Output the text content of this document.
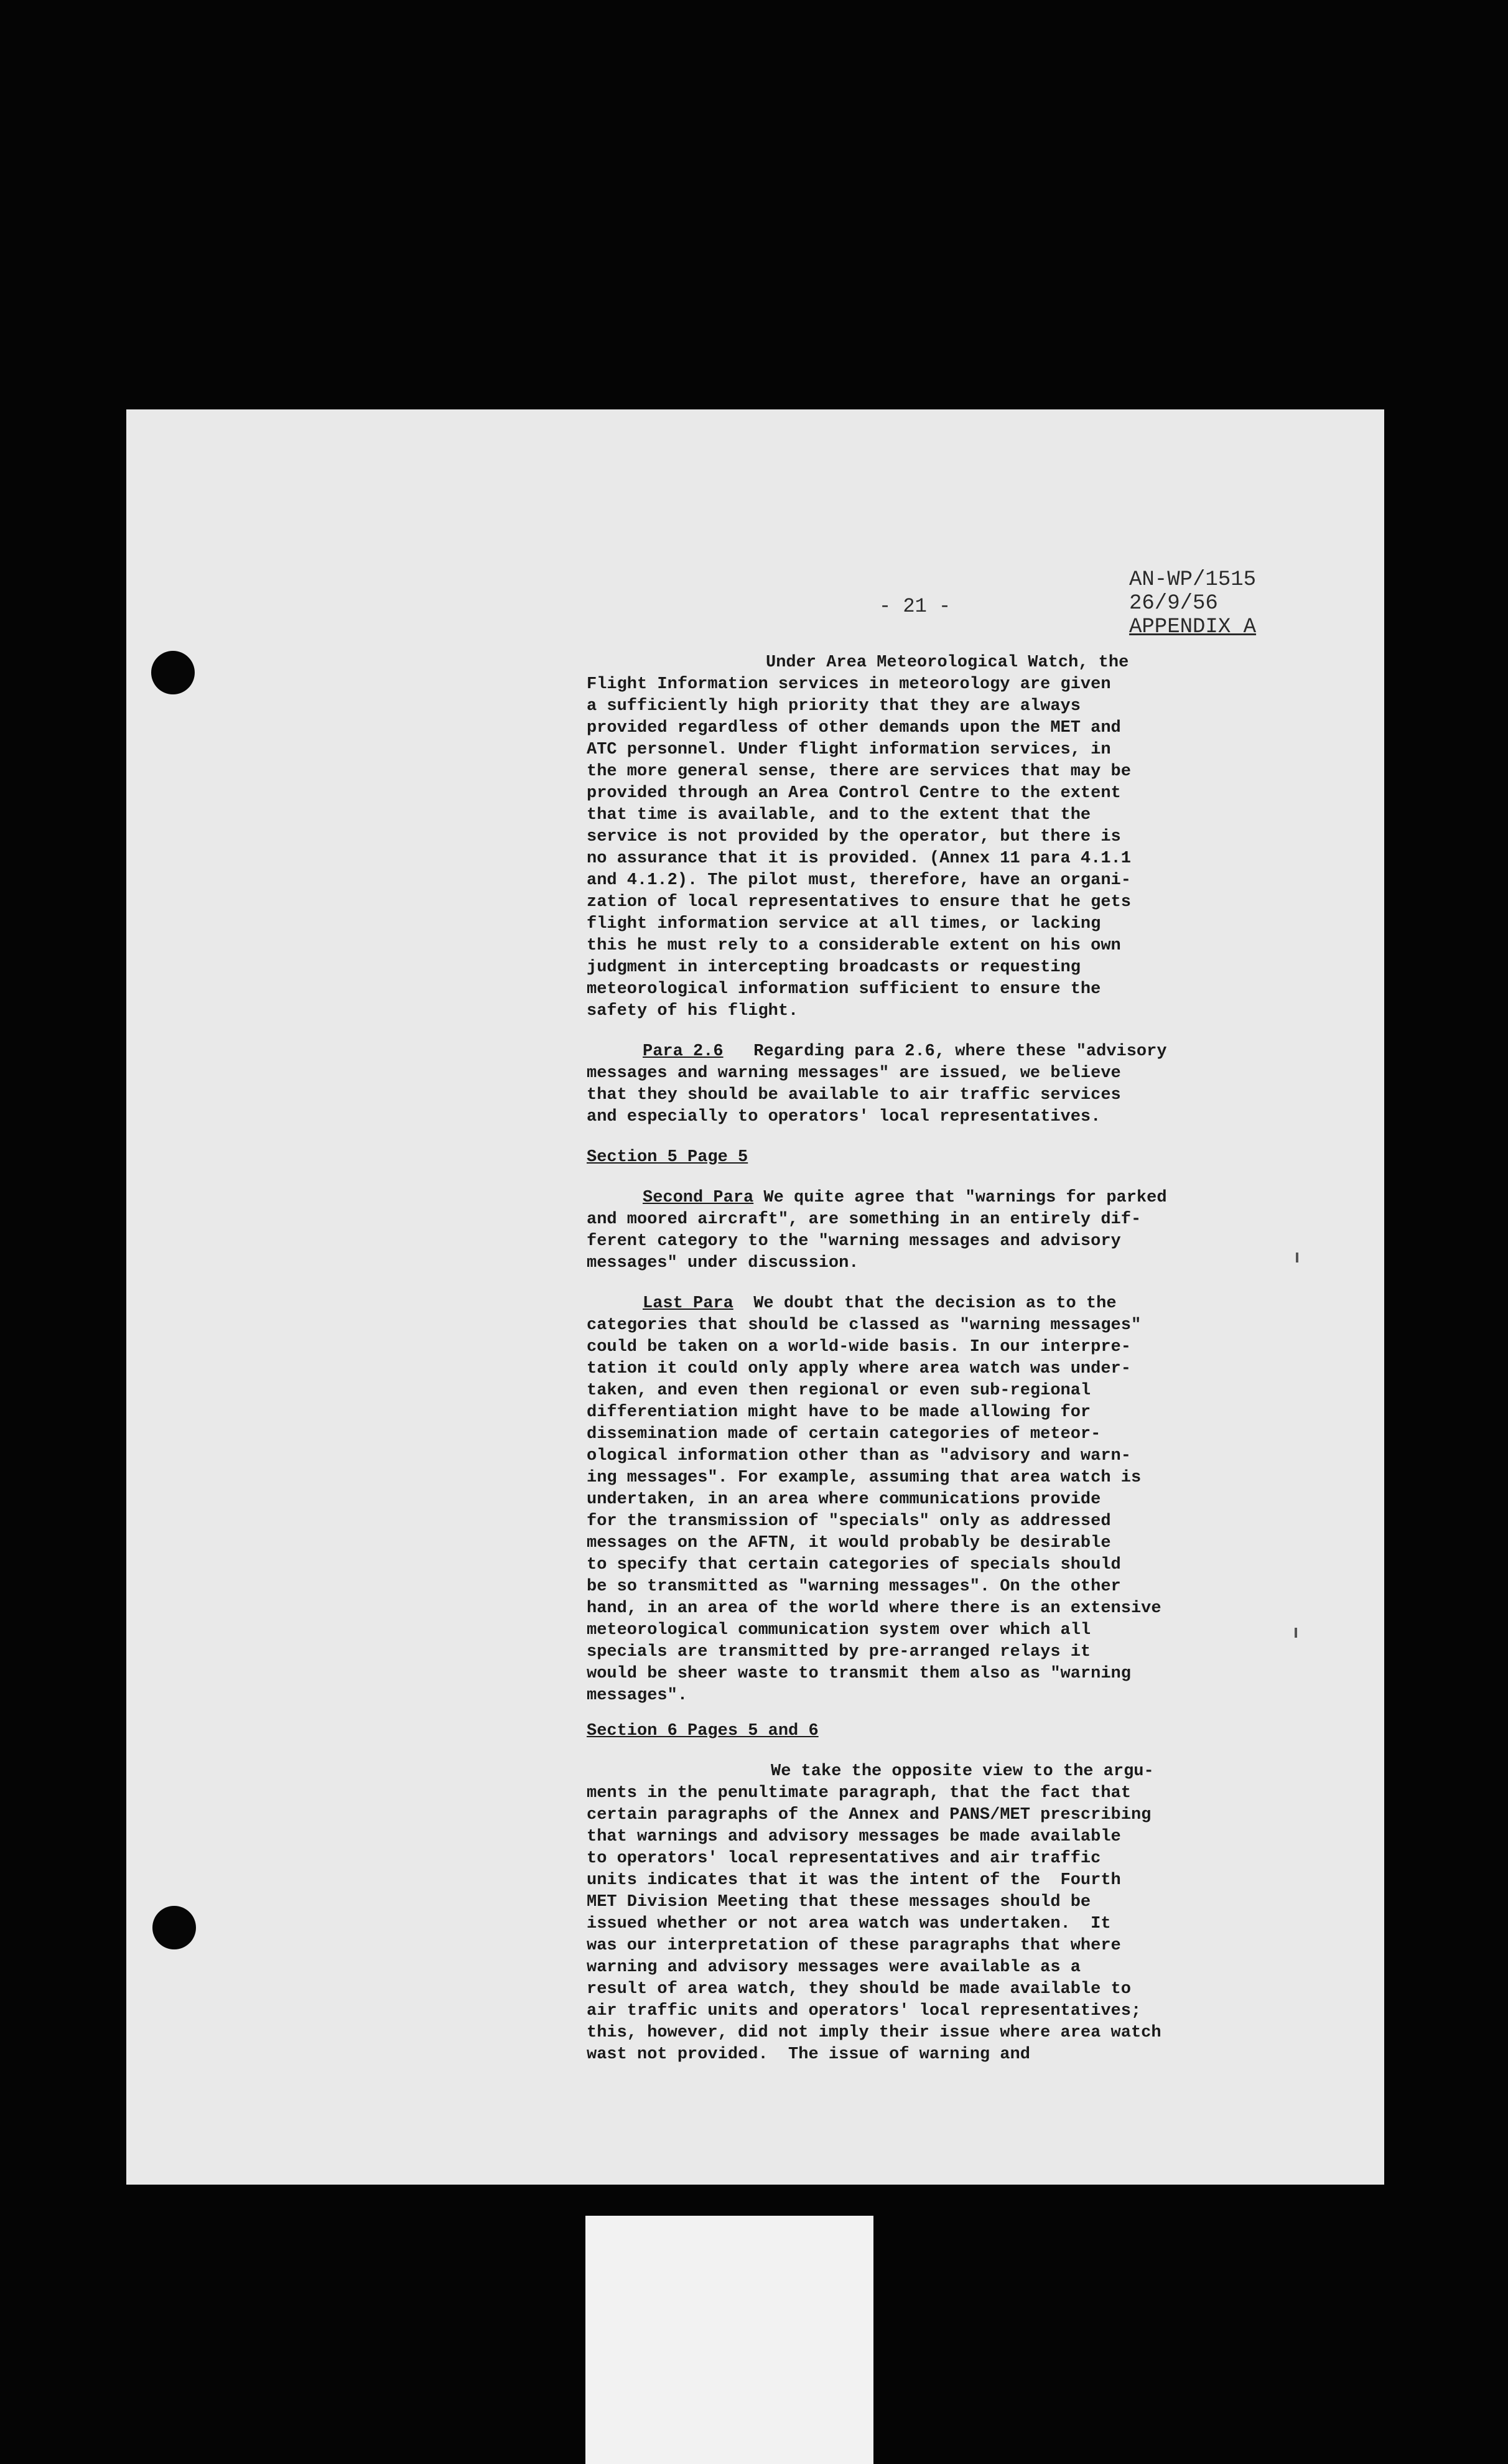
- 21 -
AN-WP/1515
26/9/56
APPENDIX A
Under Area Meteorological Watch, the
Flight Information services in meteorology are given
a sufficiently high priority that they are always
provided regardless of other demands upon the MET and
ATC personnel. Under flight information services, in
the more general sense, there are services that may be
provided through an Area Control Centre to the extent
that time is available, and to the extent that the
service is not provided by the operator, but there is
no assurance that it is provided. (Annex 11 para 4.1.1
and 4.1.2). The pilot must, therefore, have an organi-
zation of local representatives to ensure that he gets
flight information service at all times, or lacking
this he must rely to a considerable extent on his own
judgment in intercepting broadcasts or requesting
meteorological information sufficient to ensure the
safety of his flight.
Para 2.6   Regarding para 2.6, where these "advisory
messages and warning messages" are issued, we believe
that they should be available to air traffic services
and especially to operators' local representatives.
Section 5 Page 5
Second Para We quite agree that "warnings for parked
and moored aircraft", are something in an entirely dif-
ferent category to the "warning messages and advisory
messages" under discussion.
Last Para  We doubt that the decision as to the
categories that should be classed as "warning messages"
could be taken on a world-wide basis. In our interpre-
tation it could only apply where area watch was under-
taken, and even then regional or even sub-regional
differentiation might have to be made allowing for
dissemination made of certain categories of meteor-
ological information other than as "advisory and warn-
ing messages". For example, assuming that area watch is
undertaken, in an area where communications provide
for the transmission of "specials" only as addressed
messages on the AFTN, it would probably be desirable
to specify that certain categories of specials should
be so transmitted as "warning messages". On the other
hand, in an area of the world where there is an extensive
meteorological communication system over which all
specials are transmitted by pre-arranged relays it
would be sheer waste to transmit them also as "warning
messages".
Section 6 Pages 5 and 6
We take the opposite view to the argu-
ments in the penultimate paragraph, that the fact that
certain paragraphs of the Annex and PANS/MET prescribing
that warnings and advisory messages be made available
to operators' local representatives and air traffic
units indicates that it was the intent of the  Fourth
MET Division Meeting that these messages should be
issued whether or not area watch was undertaken.  It
was our interpretation of these paragraphs that where
warning and advisory messages were available as a
result of area watch, they should be made available to
air traffic units and operators' local representatives;
this, however, did not imply their issue where area watch
wast not provided.  The issue of warning and
